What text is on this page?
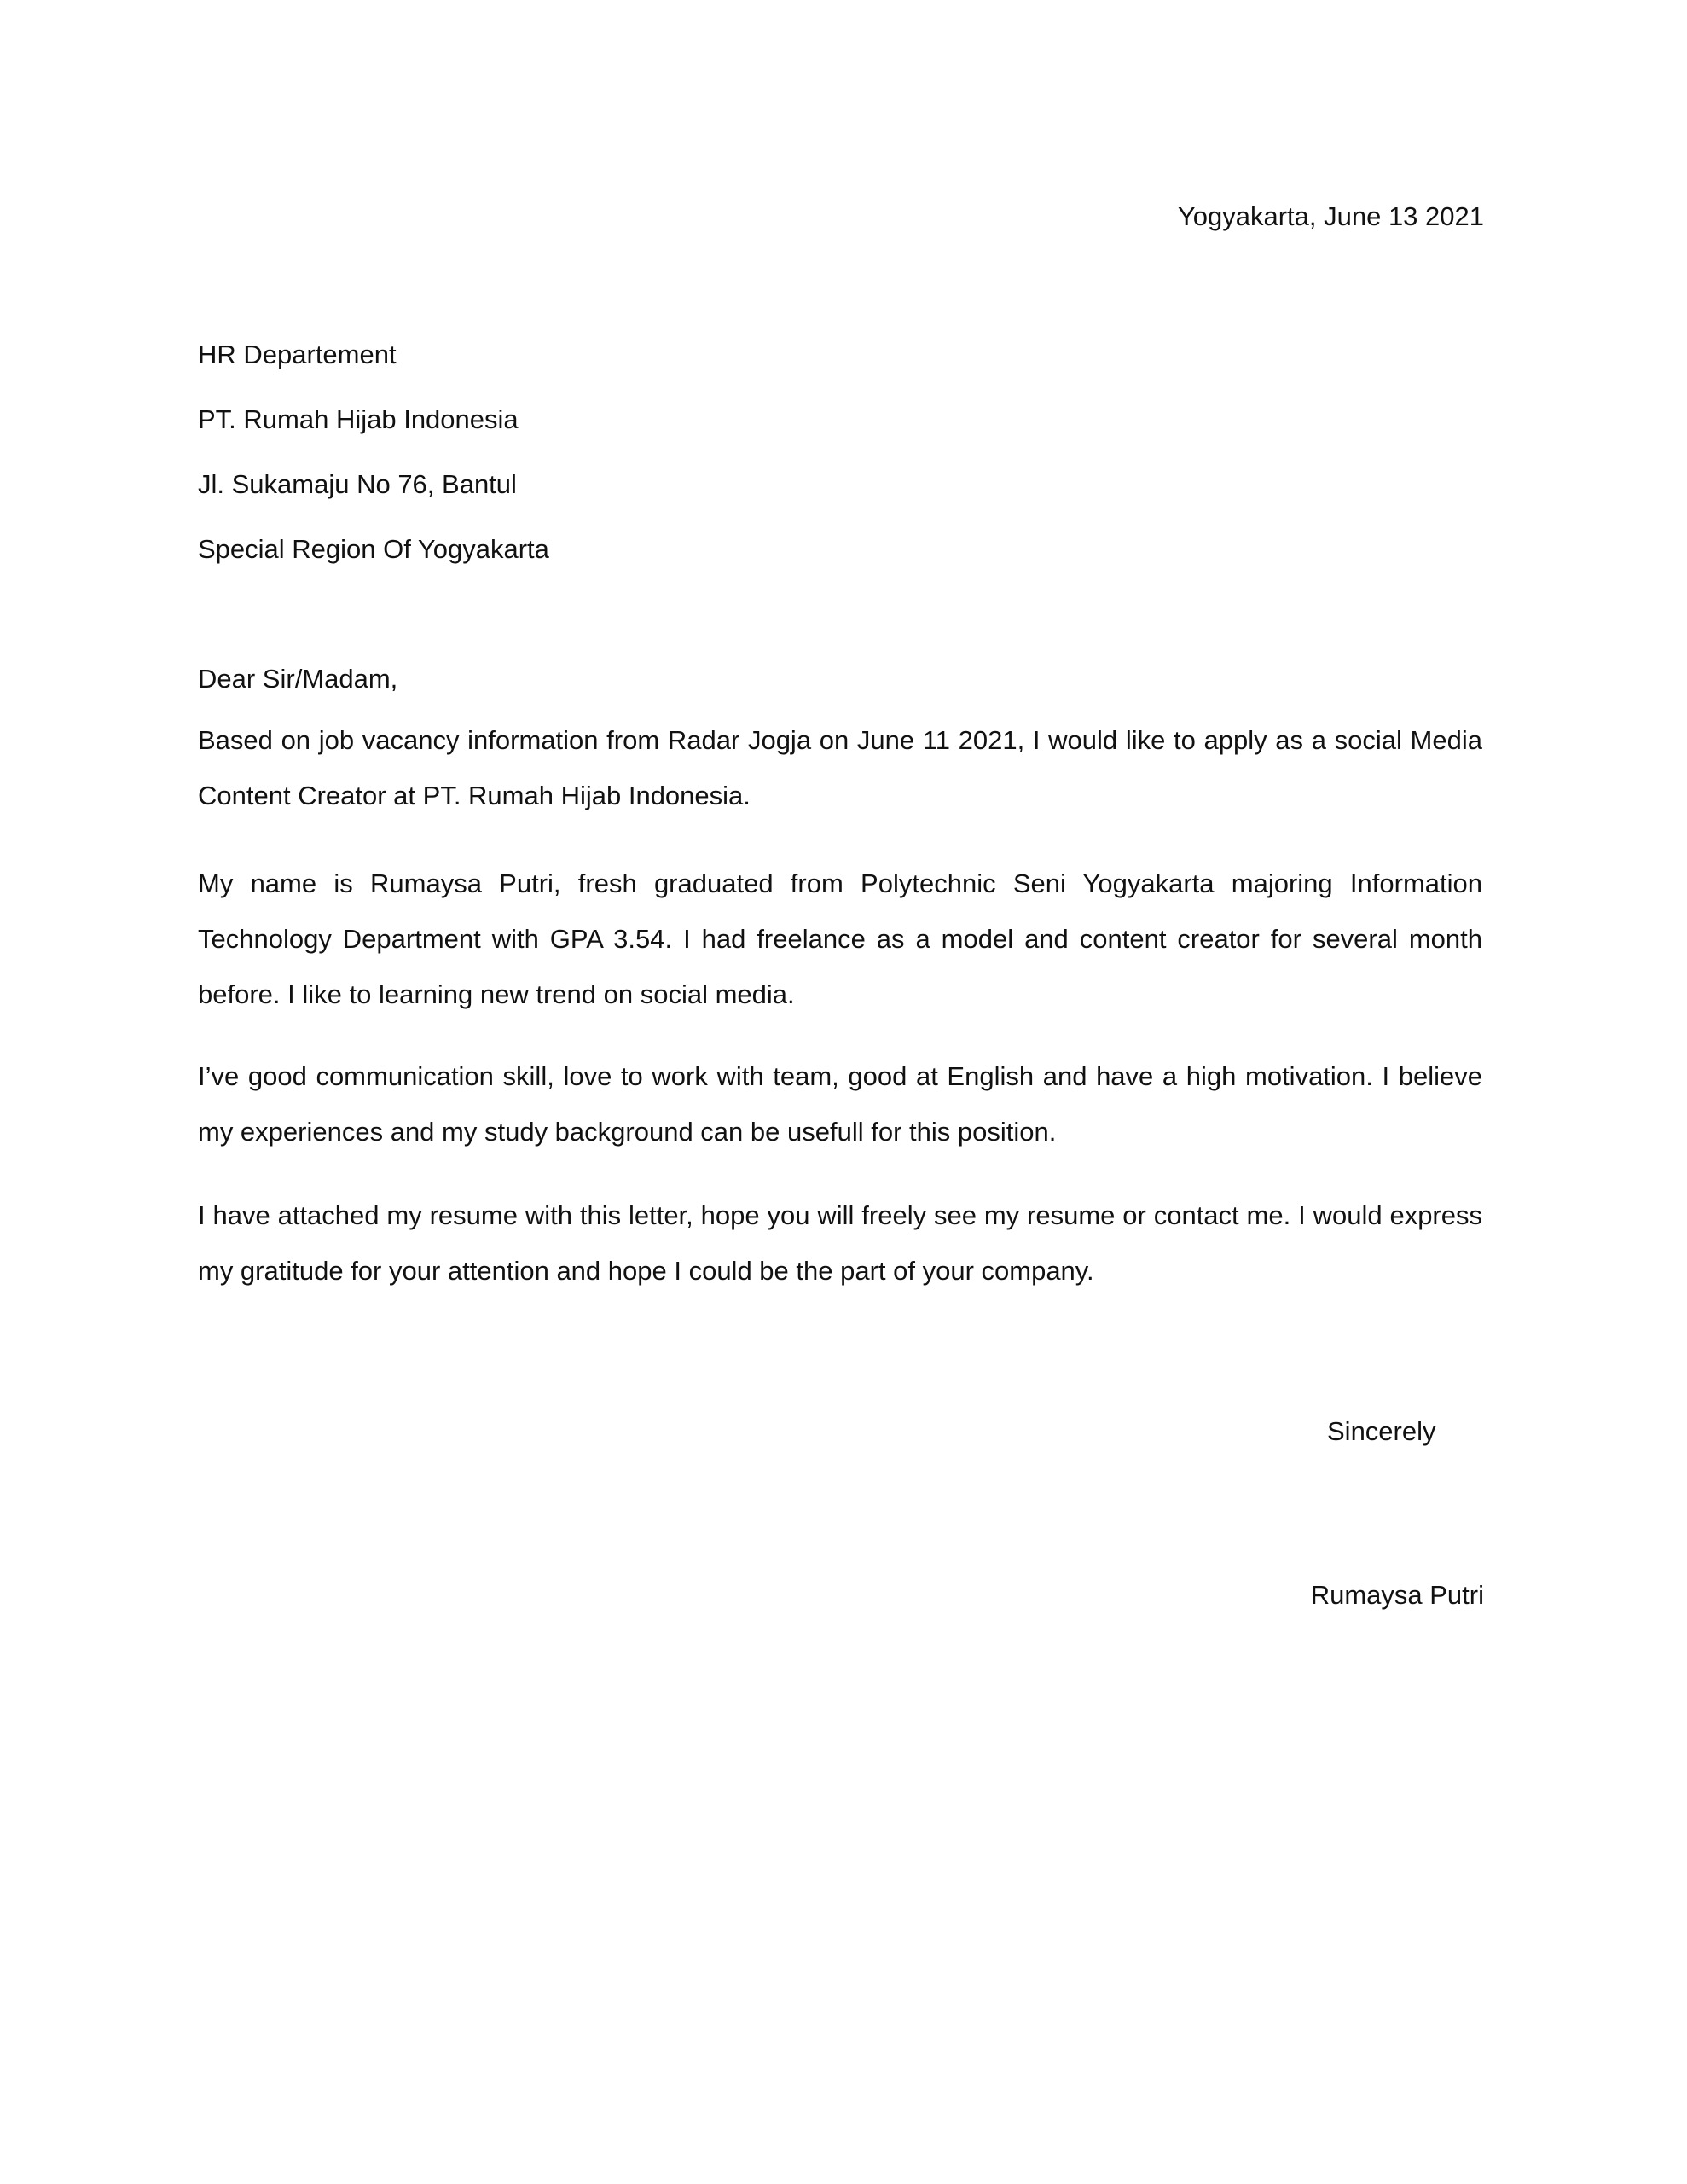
Yogyakarta, June 13 2021
HR Departement
PT. Rumah Hijab Indonesia
Jl. Sukamaju No 76, Bantul
Special Region Of Yogyakarta
Dear Sir/Madam,
Based on job vacancy information from Radar Jogja on June 11 2021, I would like to apply as a social Media Content Creator at PT. Rumah Hijab Indonesia.
My name is Rumaysa Putri, fresh graduated from Polytechnic Seni Yogyakarta majoring Information Technology Department with GPA 3.54. I had freelance as a model and content creator for several month before. I like to learning new trend on social media.
I’ve good communication skill, love to work with team, good at English and have a high motivation. I believe my experiences and my study background can be usefull for this position.
I have attached my resume with this letter, hope you will freely see my resume or contact me. I would express my gratitude for your attention and hope I could be the part of your company.
Sincerely
Rumaysa Putri
